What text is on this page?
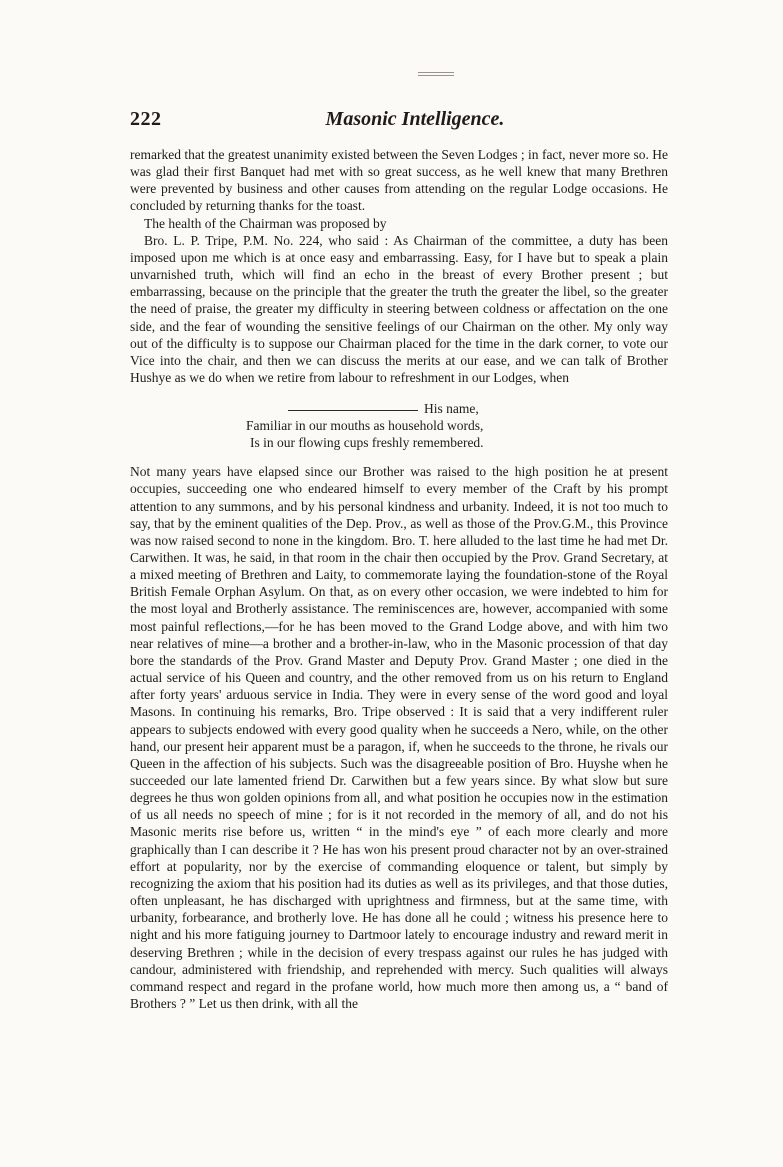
222	Masonic Intelligence.

remarked that the greatest unanimity existed between the Seven Lodges ; in fact, never more so. He was glad their first Banquet had met with so great success, as he well knew that many Brethren were prevented by business and other causes from attending on the regular Lodge occasions. He concluded by returning thanks for the toast.

The health of the Chairman was proposed by

Bro. L. P. Tripe, P.M. No. 224, who said : As Chairman of the committee, a duty has been imposed upon me which is at once easy and embarrassing. Easy, for I have but to speak a plain unvarnished truth, which will find an echo in the breast of every Brother present ; but embarrassing, because on the principle that the greater the truth the greater the libel, so the greater the need of praise, the greater my difficulty in steering between coldness or affectation on the one side, and the fear of wounding the sensitive feelings of our Chairman on the other. My only way out of the difficulty is to suppose our Chairman placed for the time in the dark corner, to vote our Vice into the chair, and then we can discuss the merits at our ease, and we can talk of Brother Hushye as we do when we retire from labour to refreshment in our Lodges, when

His name,
Familiar in our mouths as household words,
Is in our flowing cups freshly remembered.

Not many years have elapsed since our Brother was raised to the high position he at present occupies, succeeding one who endeared himself to every member of the Craft by his prompt attention to any summons, and by his personal kindness and urbanity. Indeed, it is not too much to say, that by the eminent qualities of the Dep. Prov., as well as those of the Prov.G.M., this Province was now raised second to none in the kingdom. Bro. T. here alluded to the last time he had met Dr. Carwithen. It was, he said, in that room in the chair then occupied by the Prov. Grand Secretary, at a mixed meeting of Brethren and Laity, to commemorate laying the foundation-stone of the Royal British Female Orphan Asylum. On that, as on every other occasion, we were indebted to him for the most loyal and Brotherly assistance. The reminiscences are, however, accompanied with some most painful reflections,—for he has been moved to the Grand Lodge above, and with him two near relatives of mine—a brother and a brother-in-law, who in the Masonic procession of that day bore the standards of the Prov. Grand Master and Deputy Prov. Grand Master ; one died in the actual service of his Queen and country, and the other removed from us on his return to England after forty years' arduous service in India. They were in every sense of the word good and loyal Masons. In continuing his remarks, Bro. Tripe observed : It is said that a very indifferent ruler appears to subjects endowed with every good quality when he succeeds a Nero, while, on the other hand, our present heir apparent must be a paragon, if, when he succeeds to the throne, he rivals our Queen in the affection of his subjects. Such was the disagreeable position of Bro. Huyshe when he succeeded our late lamented friend Dr. Carwithen but a few years since. By what slow but sure degrees he thus won golden opinions from all, and what position he occupies now in the estimation of us all needs no speech of mine ; for is it not recorded in the memory of all, and do not his Masonic merits rise before us, written “ in the mind's eye ” of each more clearly and more graphically than I can describe it ? He has won his present proud character not by an over-strained effort at popularity, nor by the exercise of commanding eloquence or talent, but simply by recognizing the axiom that his position had its duties as well as its privileges, and that those duties, often unpleasant, he has discharged with uprightness and firmness, but at the same time, with urbanity, forbearance, and brotherly love. He has done all he could ; witness his presence here to night and his more fatiguing journey to Dartmoor lately to encourage industry and reward merit in deserving Brethren ; while in the decision of every trespass against our rules he has judged with candour, administered with friendship, and reprehended with mercy. Such qualities will always command respect and regard in the profane world, how much more then among us, a “ band of Brothers ? ” Let us then drink, with all the
